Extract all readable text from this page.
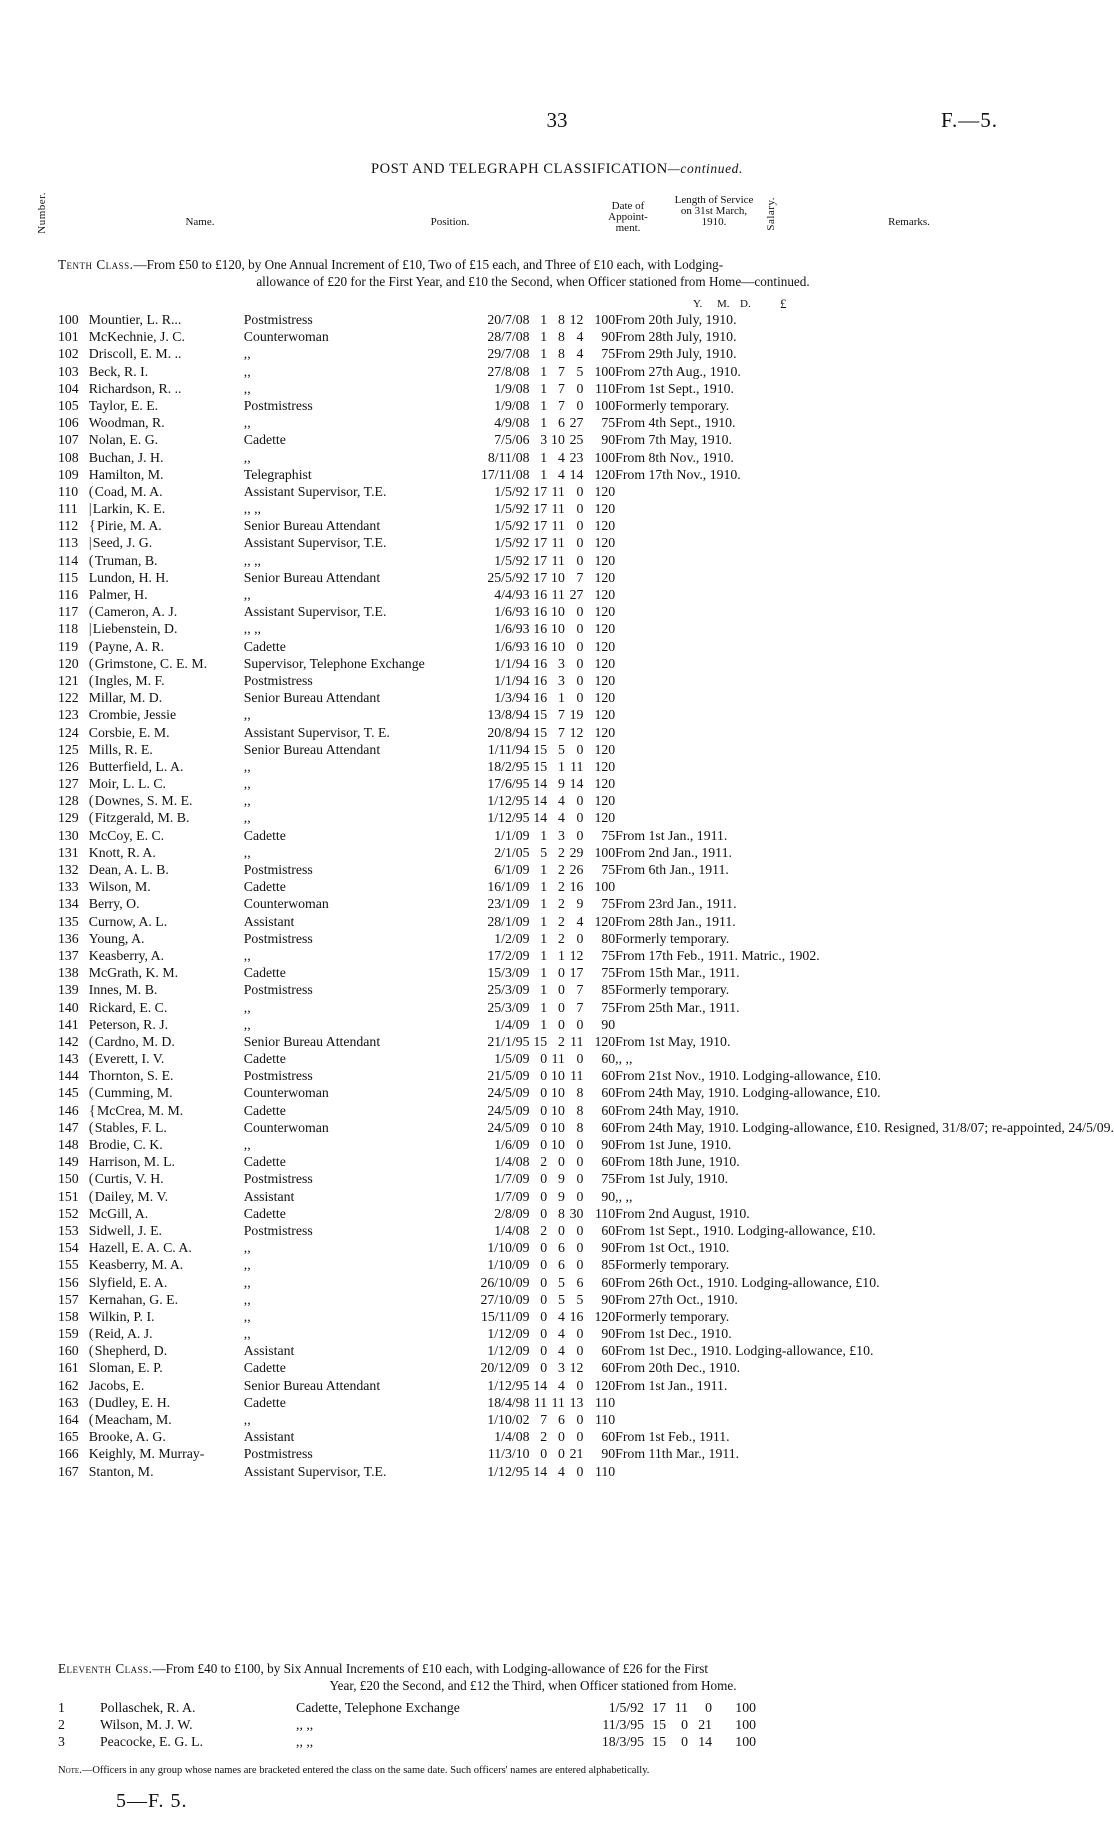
33	F.—5.
POST AND TELEGRAPH CLASSIFICATION—continued.
Number.	Name.	Position.
Date of Appoint- ment.
Length of Service on 31st March, 1910.	Salary.	Remarks.
Tenth Class.—From £50 to £120, by One Annual Increment of £10, Two of £15 each, and Three of £10 each, with Lodging-
allowance of £20 for the First Year, and £10 the Second, when Officer stationed from Home—continued.
Y. M. D. £
100	Mountier, L. R...	Postmistress	20/7/08	1	8	12	100	From 20th July, 1910.
101	McKechnie, J. C.	Counterwoman	28/7/08	1	8	4	90	From 28th July, 1910.
102	Driscoll, E. M. ..	,,	29/7/08	1	8	4	75	From 29th July, 1910.
103	Beck, R. I.	,,	27/8/08	1	7	5	100	From 27th Aug., 1910.
104	Richardson, R. ..	,,	1/9/08	1	7	0	110	From 1st Sept., 1910.
105	Taylor, E. E.	Postmistress	1/9/08	1	7	0	100	Formerly temporary.
106	Woodman, R.	,,	4/9/08	1	6	27	75	From 4th Sept., 1910.
107	Nolan, E. G.	Cadette	7/5/06	3	10	25	90	From 7th May, 1910.
108	Buchan, J. H.	,,	8/11/08	1	4	23	100	From 8th Nov., 1910.
109	Hamilton, M.	Telegraphist	17/11/08	1	4	14	120	From 17th Nov., 1910.
110	(Coad, M. A.	Assistant Supervisor, T.E.	1/5/92	17	11	0	120	
111	|Larkin, K. E.	,, ,,	1/5/92	17	11	0	120	
112	{Pirie, M. A.	Senior Bureau Attendant	1/5/92	17	11	0	120	
113	|Seed, J. G.	Assistant Supervisor, T.E.	1/5/92	17	11	0	120	
114	(Truman, B.	,, ,,	1/5/92	17	11	0	120	
115	Lundon, H. H.	Senior Bureau Attendant	25/5/92	17	10	7	120	
116	Palmer, H.	,,	4/4/93	16	11	27	120	
117	(Cameron, A. J.	Assistant Supervisor, T.E.	1/6/93	16	10	0	120	
118	|Liebenstein, D.	,, ,,	1/6/93	16	10	0	120	
119	(Payne, A. R.	Cadette	1/6/93	16	10	0	120	
120	(Grimstone, C. E. M.	Supervisor, Telephone Exchange	1/1/94	16	3	0	120	
121	(Ingles, M. F.	Postmistress	1/1/94	16	3	0	120	
122	Millar, M. D.	Senior Bureau Attendant	1/3/94	16	1	0	120	
123	Crombie, Jessie	,,	13/8/94	15	7	19	120	
124	Corsbie, E. M.	Assistant Supervisor, T. E.	20/8/94	15	7	12	120	
125	Mills, R. E.	Senior Bureau Attendant	1/11/94	15	5	0	120	
126	Butterfield, L. A.	,,	18/2/95	15	1	11	120	
127	Moir, L. L. C.	,,	17/6/95	14	9	14	120	
128	(Downes, S. M. E.	,,	1/12/95	14	4	0	120	
129	(Fitzgerald, M. B.	,,	1/12/95	14	4	0	120	
130	McCoy, E. C.	Cadette	1/1/09	1	3	0	75	From 1st Jan., 1911.
131	Knott, R. A.	,,	2/1/05	5	2	29	100	From 2nd Jan., 1911.
132	Dean, A. L. B.	Postmistress	6/1/09	1	2	26	75	From 6th Jan., 1911.
133	Wilson, M.	Cadette	16/1/09	1	2	16	100	
134	Berry, O.	Counterwoman	23/1/09	1	2	9	75	From 23rd Jan., 1911.
135	Curnow, A. L.	Assistant	28/1/09	1	2	4	120	From 28th Jan., 1911.
136	Young, A.	Postmistress	1/2/09	1	2	0	80	Formerly temporary.
137	Keasberry, A.	,,	17/2/09	1	1	12	75	From 17th Feb., 1911. Matric., 1902.
138	McGrath, K. M.	Cadette	15/3/09	1	0	17	75	From 15th Mar., 1911.
139	Innes, M. B.	Postmistress	25/3/09	1	0	7	85	Formerly temporary.
140	Rickard, E. C.	,,	25/3/09	1	0	7	75	From 25th Mar., 1911.
141	Peterson, R. J.	,,	1/4/09	1	0	0	90	
142	(Cardno, M. D.	Senior Bureau Attendant	21/1/95	15	2	11	120	From 1st May, 1910.
143	(Everett, I. V.	Cadette	1/5/09	0	11	0	60	,, ,,
144	Thornton, S. E.	Postmistress	21/5/09	0	10	11	60	From 21st Nov., 1910. Lodging-allowance, £10.
145	(Cumming, M.	Counterwoman	24/5/09	0	10	8	60	From 24th May, 1910. Lodging-allowance, £10.
146	{McCrea, M. M.	Cadette	24/5/09	0	10	8	60	From 24th May, 1910.
147	(Stables, F. L.	Counterwoman	24/5/09	0	10	8	60	From 24th May, 1910. Lodging-allowance, £10. Resigned, 31/8/07; re-appointed, 24/5/09.
148	Brodie, C. K.	,,	1/6/09	0	10	0	90	From 1st June, 1910.
149	Harrison, M. L.	Cadette	1/4/08	2	0	0	60	From 18th June, 1910.
150	(Curtis, V. H.	Postmistress	1/7/09	0	9	0	75	From 1st July, 1910.
151	(Dailey, M. V.	Assistant	1/7/09	0	9	0	90	,, ,,
152	McGill, A.	Cadette	2/8/09	0	8	30	110	From 2nd August, 1910.
153	Sidwell, J. E.	Postmistress	1/4/08	2	0	0	60	From 1st Sept., 1910. Lodging-allowance, £10.
154	Hazell, E. A. C. A.	,,	1/10/09	0	6	0	90	From 1st Oct., 1910.
155	Keasberry, M. A.	,,	1/10/09	0	6	0	85	Formerly temporary.
156	Slyfield, E. A.	,,	26/10/09	0	5	6	60	From 26th Oct., 1910. Lodging-allowance, £10.
157	Kernahan, G. E.	,,	27/10/09	0	5	5	90	From 27th Oct., 1910.
158	Wilkin, P. I.	,,	15/11/09	0	4	16	120	Formerly temporary.
159	(Reid, A. J.	,,	1/12/09	0	4	0	90	From 1st Dec., 1910.
160	(Shepherd, D.	Assistant	1/12/09	0	4	0	60	From 1st Dec., 1910. Lodging-allowance, £10.
161	Sloman, E. P.	Cadette	20/12/09	0	3	12	60	From 20th Dec., 1910.
162	Jacobs, E.	Senior Bureau Attendant	1/12/95	14	4	0	120	From 1st Jan., 1911.
163	(Dudley, E. H.	Cadette	18/4/98	11	11	13	110	
164	(Meacham, M.	,,	1/10/02	7	6	0	110	
165	Brooke, A. G.	Assistant	1/4/08	2	0	0	60	From 1st Feb., 1911.
166	Keighly, M. Murray-	Postmistress	11/3/10	0	0	21	90	From 11th Mar., 1911.
167	Stanton, M.	Assistant Supervisor, T.E.	1/12/95	14	4	0	110	
Eleventh Class.—From £40 to £100, by Six Annual Increments of £10 each, with Lodging-allowance of £26 for the First
Year, £20 the Second, and £12 the Third, when Officer stationed from Home.
1	Pollaschek, R. A.	Cadette, Telephone Exchange	1/5/92	17	11	0	100	
2	Wilson, M. J. W.	,, ,,	11/3/95	15	0	21	100	
3	Peacocke, E. G. L.	,, ,,	18/3/95	15	0	14	100	
Note.—Officers in any group whose names are bracketed entered the class on the same date. Such officers' names are entered alphabetically.
5—F. 5.
